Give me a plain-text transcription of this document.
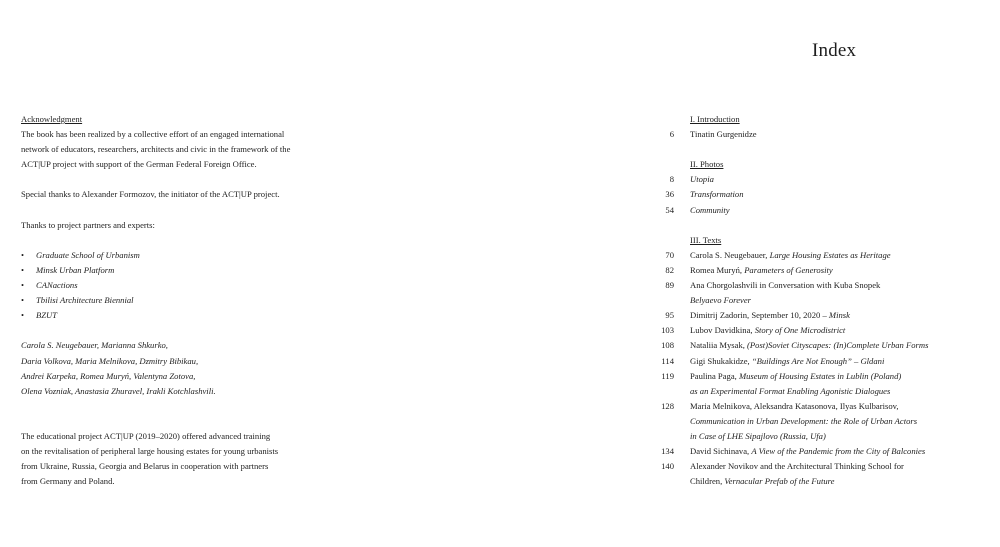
Index

Acknowledgment

The book has been realized by a collective effort of an engaged international

network of educators, researchers, architects and civic in the framework of the

ACT|UP project with support of the German Federal Foreign Office.

Special thanks to Alexander Formozov, the initiator of the ACT|UP project.

Thanks to project partners and experts:

• Graduate School of Urbanism
• Minsk Urban Platform
• CANactions
• Tbilisi Architecture Biennial
• BZUT

Carola S. Neugebauer, Marianna Shkurko,

Daria Volkova, Maria Melnikova, Dzmitry Bibikau,

Andrei Karpeka, Romea Muryń, Valentyna Zotova,

Olena Vozniak, Anastasia Zhuravel, Irakli Kotchlashvili.

The educational project ACT|UP (2019–2020) offered advanced training

on the revitalisation of peripheral large housing estates for young urbanists

from Ukraine, Russia, Georgia and Belarus in cooperation with partners

from Germany and Poland.

I. Introduction
6	Tinatin Gurgenidze
II. Photos
8	Utopia
36	Transformation
54	Community
III. Texts
70	Carola S. Neugebauer, Large Housing Estates as Heritage
82	Romea Muryń, Parameters of Generosity
89	Ana Chorgolashvili in Conversation with Kuba Snopek
Belyaevo Forever
95	Dimitrij Zadorin, September 10, 2020 – Minsk
103	Lubov Davidkina, Story of One Microdistrict
108	Nataliia Mysak, (Post)Soviet Cityscapes: (In)Complete Urban Forms
114	Gigi Shukakidze, “Buildings Are Not Enough” – Gldani
119	Paulina Paga, Museum of Housing Estates in Lublin (Poland)
as an Experimental Format Enabling Agonistic Dialogues
128	Maria Melnikova, Aleksandra Katasonova, Ilyas Kulbarisov,
Communication in Urban Development: the Role of Urban Actors
in Case of LHE Sipajlovo (Russia, Ufa)
134	David Sichinava, A View of the Pandemic from the City of Balconies
140	Alexander Novikov and the Architectural Thinking School for
Children, Vernacular Prefab of the Future
